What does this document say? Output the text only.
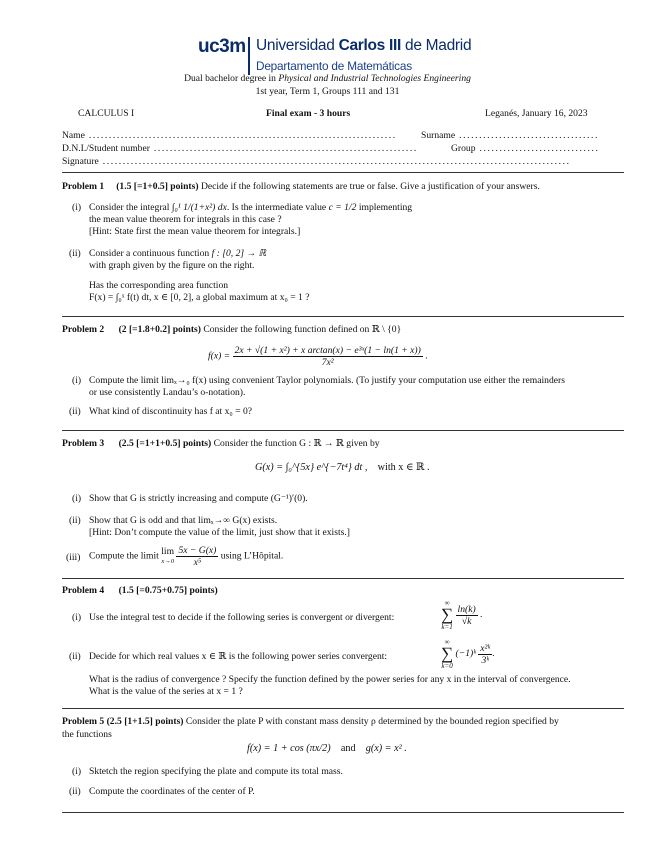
uc3m Universidad Carlos III de Madrid
Departamento de Matemáticas
Dual bachelor degree in Physical and Industrial Technologies Engineering
1st year, Term 1, Groups 111 and 131
CALCULUS I	Final exam - 3 hours	Leganés, January 16, 2023
Name .............................................................................	Surname ...................................
D.N.I./Student number ..................................................................	Group ..............................
Signature .....................................................................................................................
Problem 1 (1.5 [=1+0.5] points) Decide if the following statements are true or false. Give a justification of your answers.
(i) Consider the integral ∫₀¹ 1/(1+x²) dx. Is the intermediate value c = 1/2 implementing
the mean value theorem for integrals in this case ?
[Hint: State first the mean value theorem for integrals.]
(ii) Consider a continuous function f : [0, 2] → ℝ
with graph given by the figure on the right.
Has the corresponding area function
F(x) = ∫₀ˣ f(t) dt, x ∈ [0, 2], a global maximum at x₀ = 1 ?
Problem 2 (2 [=1.8+0.2] points) Consider the following function defined on ℝ \ {0}
$f(x) = \frac{\text{2x + √(1 + x²) + x arctan(x) − e³ˣ(1 − ln(1 + x))}}{\text{7x²}}$ .
(i) Compute the limit limₓ→₀ f(x) using convenient Taylor polynomials. (To justify your computation use either the remainders
or use consistently Landau’s o-notation).
(ii) What kind of discontinuity has f at x₀ = 0?
Problem 3 (2.5 [=1+1+0.5] points) Consider the function G : ℝ → ℝ given by
G(x) = ∫₀^{5x} e^{−7t⁴} dt , with x ∈ ℝ .
(i) Show that G is strictly increasing and compute (G⁻¹)′(0).
(ii) Show that G is odd and that limₓ→∞ G(x) exists.
[Hint: Don’t compute the value of the limit, just show that it exists.]
(iii) Compute the limit lim
x→0
$\frac{5x - G(x)}{\text{x⁵}}$ using L’Hôpital.
Problem 4 (1.5 [=0.75+0.75] points)
(i) Use the integral test to decide if the following series is convergent or divergent:
∞
∑
k=1

$\frac{\ln(k)}{√k}$ .
(ii) Decide for which real values x ∈ ℝ is the following power series convergent:
∞
∑
k=0
(−1)ᵏ $\frac{\text{x²ᵏ}}{\text{3ᵏ}}$ .
What is the radius of convergence ? Specify the function defined by the power series for any x in the interval of convergence.
What is the value of the series at x = 1 ?
Problem 5 (2.5 [1+1.5] points) Consider the plate P with constant mass density ρ determined by the bounded region specified by
the functions
f(x) = 1 + cos (πx/2) and g(x) = x² .
(i) Sktetch the region specifying the plate and compute its total mass.
(ii) Compute the coordinates of the center of P.
